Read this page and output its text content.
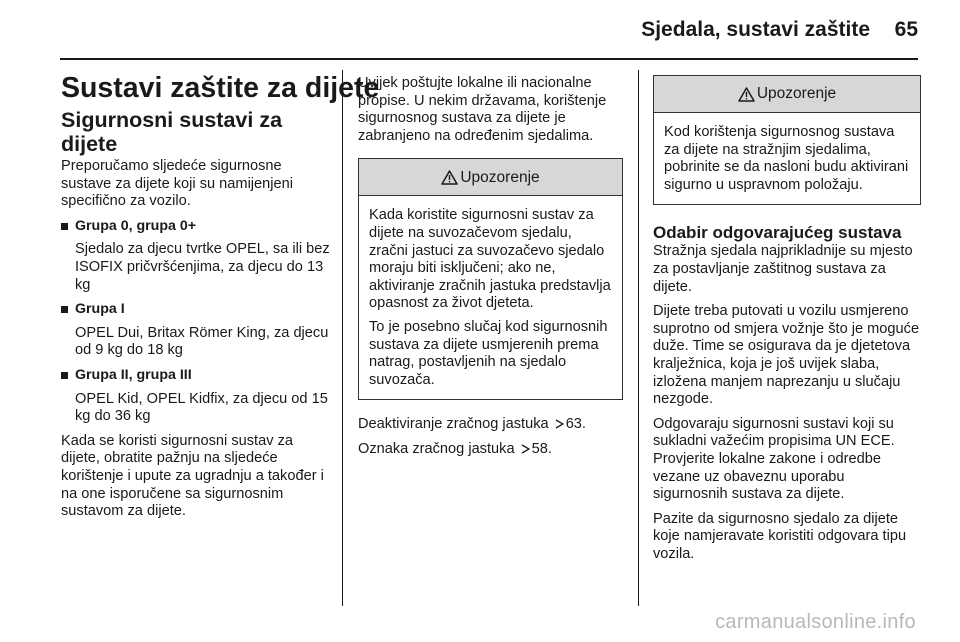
Sjedala, sustavi zaštite 65
Sustavi zaštite za dijete
Sigurnosni sustavi za dijete

Preporučamo sljedeće sigurnosne sustave za dijete koji su namijenjeni specifično za vozilo.

Grupa 0, grupa 0+
Sjedalo za djecu tvrtke OPEL, sa ili bez ISOFIX pričvršćenjima, za djecu do 13 kg
Grupa I
OPEL Dui, Britax Römer King, za djecu od 9 kg do 18 kg
Grupa II, grupa III
OPEL Kid, OPEL Kidfix, za djecu od 15 kg do 36 kg

Kada se koristi sigurnosni sustav za dijete, obratite pažnju na sljedeće korištenje i upute za ugradnju a također i na one isporučene sa sigurnosnim sustavom za dijete.

Uvijek poštujte lokalne ili nacionalne propise. U nekim državama, korištenje sigurnosnog sustava za dijete je zabranjeno na određenim sjedalima.

Upozorenje

Kada koristite sigurnosni sustav za dijete na suvozačevom sjedalu, zračni jastuci za suvozačevo sjedalo moraju biti isključeni; ako ne, aktiviranje zračnih jastuka predstavlja opasnost za život djeteta.

To je posebno slučaj kod sigurnosnih sustava za dijete usmjerenih prema natrag, postavljenih na sjedalo suvozača.

Deaktiviranje zračnog jastuka 63.

Oznaka zračnog jastuka 58.

Upozorenje

Kod korištenja sigurnosnog sustava za dijete na stražnjim sjedalima, pobrinite se da nasloni budu aktivirani sigurno u uspravnom položaju.

Odabir odgovarajućeg sustava

Stražnja sjedala najprikladnije su mjesto za postavljanje zaštitnog sustava za dijete.

Dijete treba putovati u vozilu usmjereno suprotno od smjera vožnje što je moguće duže. Time se osigurava da je djetetova kralježnica, koja je još uvijek slaba, izložena manjem naprezanju u slučaju nezgode.

Odgovaraju sigurnosni sustavi koji su sukladni važećim propisima UN ECE. Provjerite lokalne zakone i odredbe vezane uz obaveznu uporabu sigurnosnih sustava za dijete.

Pazite da sigurnosno sjedalo za dijete koje namjeravate koristiti odgovara tipu vozila.

carmanualsonline.info
